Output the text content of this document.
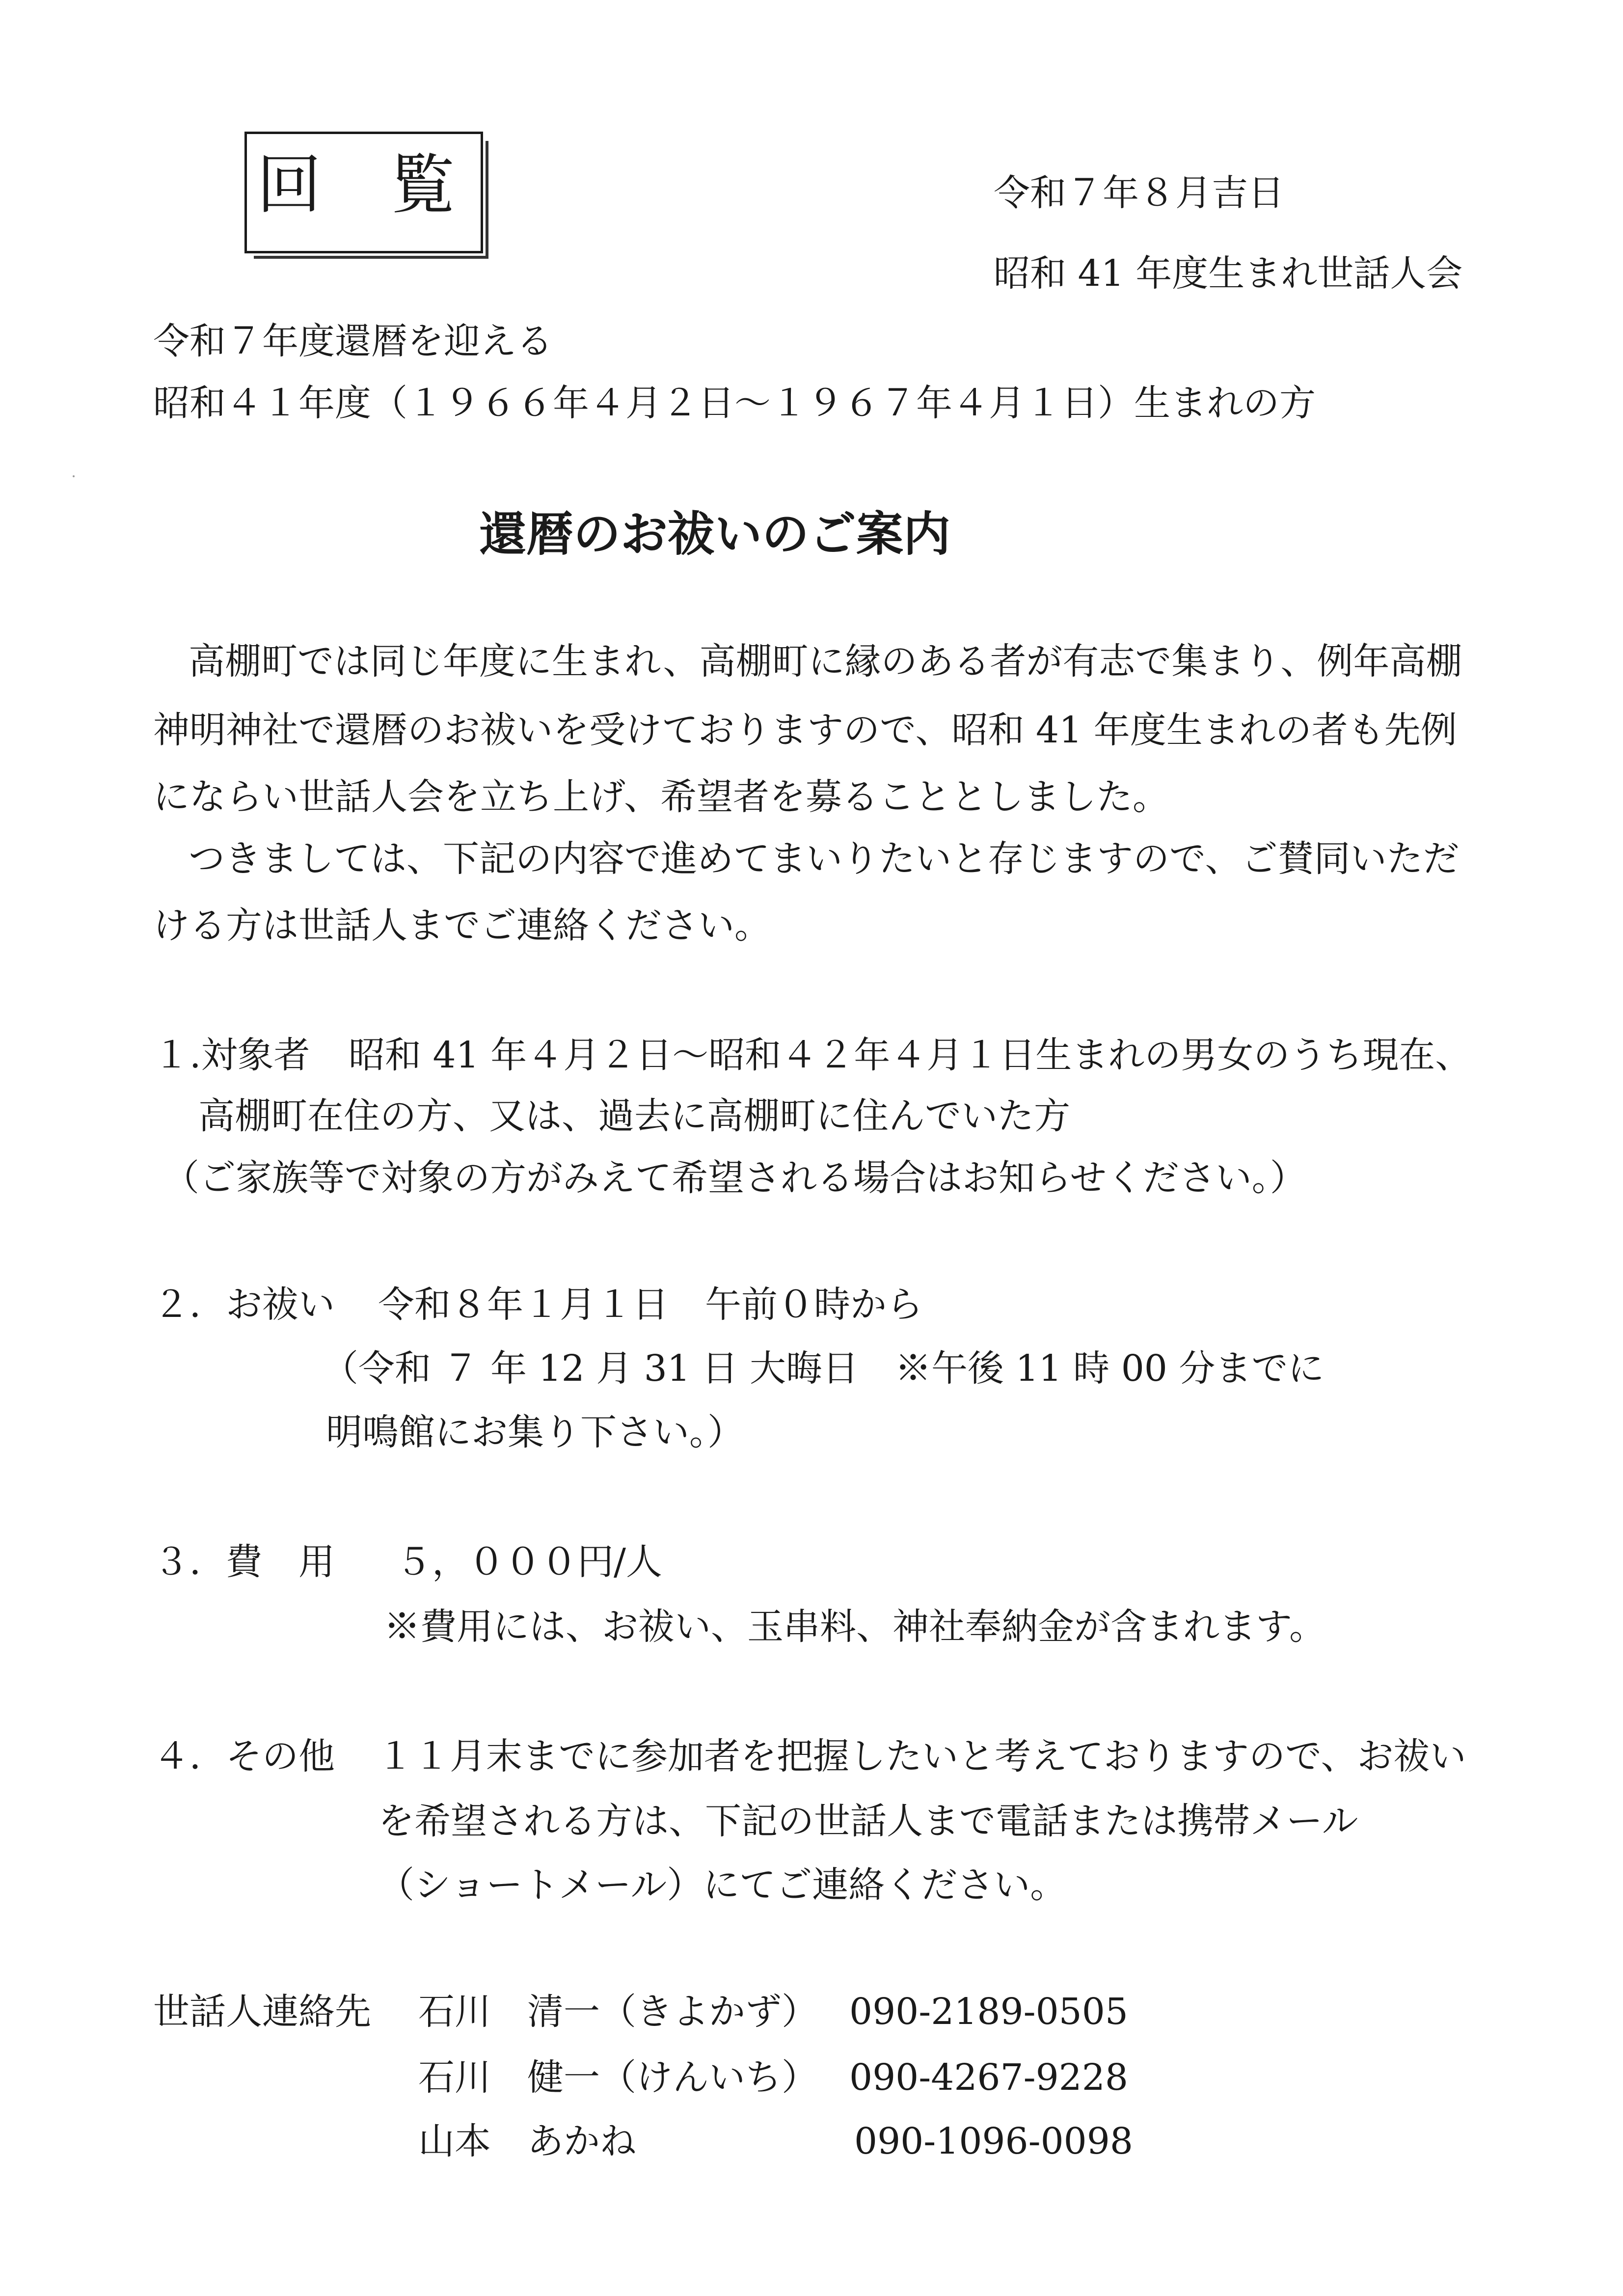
回覧	令和７年８月吉日

昭和 41 年度生まれ世話人会

令和７年度還暦を迎える

昭和４１年度（１９６６年４月２日～１９６７年４月１日）生まれの方

還暦のお祓いのご案内

高棚町では同じ年度に生まれ、高棚町に縁のある者が有志で集まり、例年高棚

神明神社で還暦のお祓いを受けておりますので、昭和 41 年度生まれの者も先例

にならい世話人会を立ち上げ、希望者を募ることとしました。

つきましては、下記の内容で進めてまいりたいと存じますので、ご賛同いただ

ける方は世話人までご連絡ください。

１.対象者 昭和 41 年４月２日～昭和４２年４月１日生まれの男女のうち現在、

高棚町在住の方、又は、過去に高棚町に住んでいた方

（ご家族等で対象の方がみえて希望される場合はお知らせください。）

２．お祓い 令和８年１月１日　午前０時から

（令和 ７ 年 12 月 31 日 大晦日　※午後 11 時 00 分までに

明鳴館にお集り下さい。）

３．費　用 ５，０００円/人

※費用には、お祓い、玉串料、神社奉納金が含まれます。

４．その他 １１月末までに参加者を把握したいと考えておりますので、お祓い

を希望される方は、下記の世話人まで電話または携帯メール

（ショートメール）にてご連絡ください。

世話人連絡先 石川　清一（きよかず） 090-2189-0505

石川　健一（けんいち） 090-4267-9228

山本　あかね	090-1096-0098
